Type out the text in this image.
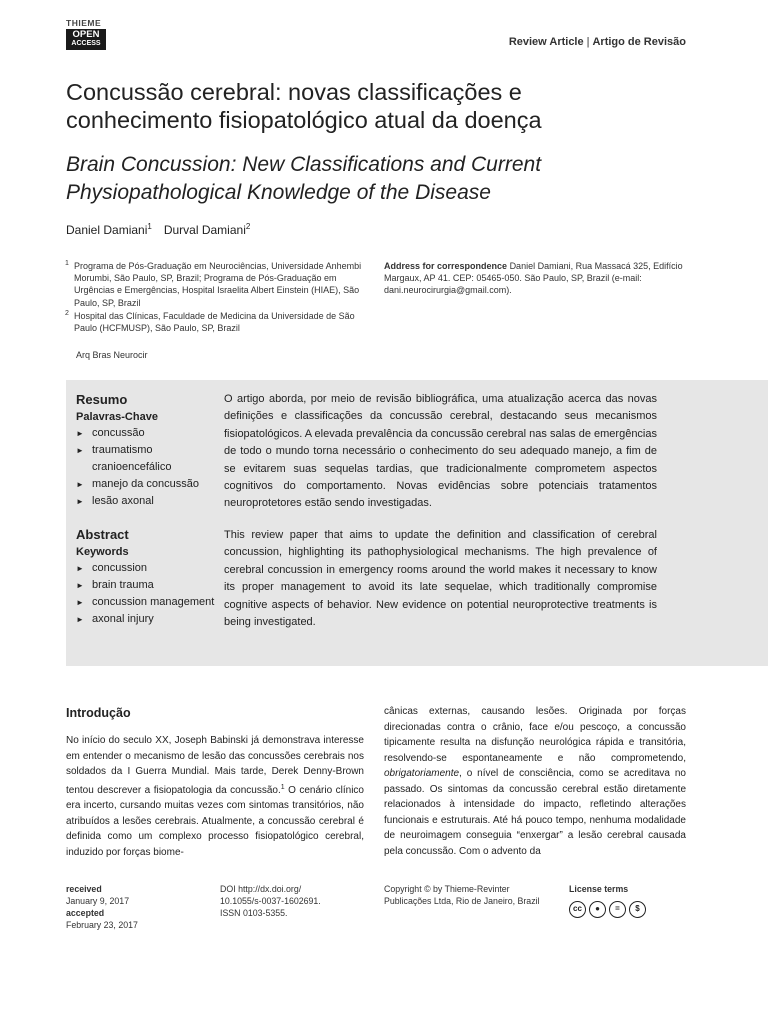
THIEME
OPEN
ACCESS	Review Article | Artigo de Revisão
Concussão cerebral: novas classificações e
conhecimento fisiopatológico atual da doença
Brain Concussion: New Classifications and Current
Physiopathological Knowledge of the Disease
Daniel Damiani$^1$ Durval Damiani$^2$
1 Programa de Pós-Graduação em Neurociências, Universidade Anhembi Morumbi, São Paulo, SP, Brazil; Programa de Pós-Graduação em Urgências e Emergências, Hospital Israelita Albert Einstein (HIAE), São Paulo, SP, Brazil
2 Hospital das Clínicas, Faculdade de Medicina da Universidade de São Paulo (HCFMUSP), São Paulo, SP, Brazil
Address for correspondence Daniel Damiani, Rua Massacá 325, Edifício Margaux, AP 41. CEP: 05465-050. São Paulo, SP, Brazil (e-mail: dani.neurocirurgia@gmail.com).
Arq Bras Neurocir
Resumo
Palavras-Chave
► concussão
► traumatismo cranioencefálico
► manejo da concussão
► lesão axonal
O artigo aborda, por meio de revisão bibliográfica, uma atualização acerca das novas definições e classificações da concussão cerebral, destacando seus mecanismos fisiopatológicos. A elevada prevalência da concussão cerebral nas salas de emergências de todo o mundo torna necessário o conhecimento do seu adequado manejo, a fim de se evitarem suas sequelas tardias, que tradicionalmente comprometem aspectos cognitivos do comportamento. Novas evidências sobre potenciais tratamentos neuroprotetores estão sendo investigadas.
Abstract
Keywords
► concussion
► brain trauma
► concussion management
► axonal injury
This review paper that aims to update the definition and classification of cerebral concussion, highlighting its pathophysiological mechanisms. The high prevalence of cerebral concussion in emergency rooms around the world makes it necessary to know its proper management to avoid its late sequelae, which traditionally compromise cognitive aspects of behavior. New evidence on potential neuroprotective treatments is being investigated.
Introdução

No início do seculo XX, Joseph Babinski já demonstrava interesse em entender o mecanismo de lesão das concussões cerebrais nos soldados da I Guerra Mundial. Mais tarde, Derek Denny-Brown tentou descrever a fisiopatologia da concussão.$^1$ O cenário clínico era incerto, cursando muitas vezes com sintomas transitórios, não atribuídos a lesões cerebrais. Atualmente, a concussão cerebral é definida como um complexo processo fisiopatológico cerebral, induzido por forças biome-

cânicas externas, causando lesões. Originada por forças direcionadas contra o crânio, face e/ou pescoço, a concussão tipicamente resulta na disfunção neurológica rápida e transitória, resolvendo-se espontaneamente e não comprometendo, obrigatoriamente, o nível de consciência, como se acreditava no passado. Os sintomas da concussão cerebral estão diretamente relacionados à intensidade do impacto, refletindo alterações funcionais e estruturais. Até há pouco tempo, nenhuma modalidade de neuroimagem conseguia “enxergar” a lesão cerebral causada pela concussão. Com o advento da

received
January 9, 2017
accepted
February 23, 2017
DOI http://dx.doi.org/
10.1055/s-0037-1602691.
ISSN 0103-5355.
Copyright © by Thieme-Revinter
Publicações Ltda, Rio de Janeiro, Brazil
License terms
cc	●	=	$
